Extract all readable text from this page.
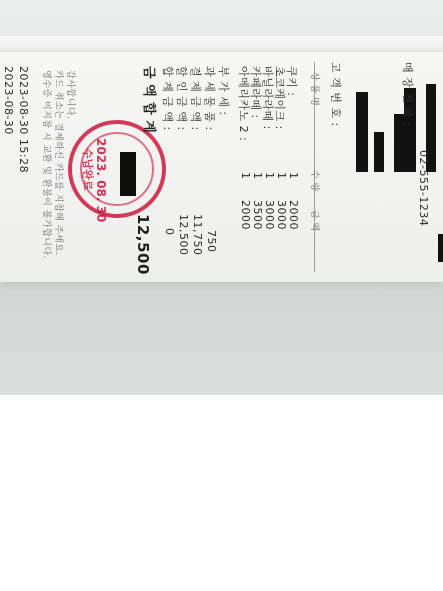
2023-08-30 15:28
2023-08-30	영수증 미지참 시 교환 및 환불이 불가합니다. 카드 취소는 결제하신 카드를 지참해 주세요. 감사합니다.
2023. 08. 30
수납완료
금 액 합 계
12,500
합 계 금 액 : 할 인 금 액 : 결 제 금 액 : 과 세 물 품 : 부 가 세 :
0 12,500 11,750 750
아메리카노 2 : 카페라떼 : 바닐라라떼 : 초코케이크 : 쿠키 :
1 1 1 1 1
2000 3500 3000 3000 2000
상 품 명
수 량
금 액
고 객 번 호 :	매 장 전 화 :
02-555-1234
